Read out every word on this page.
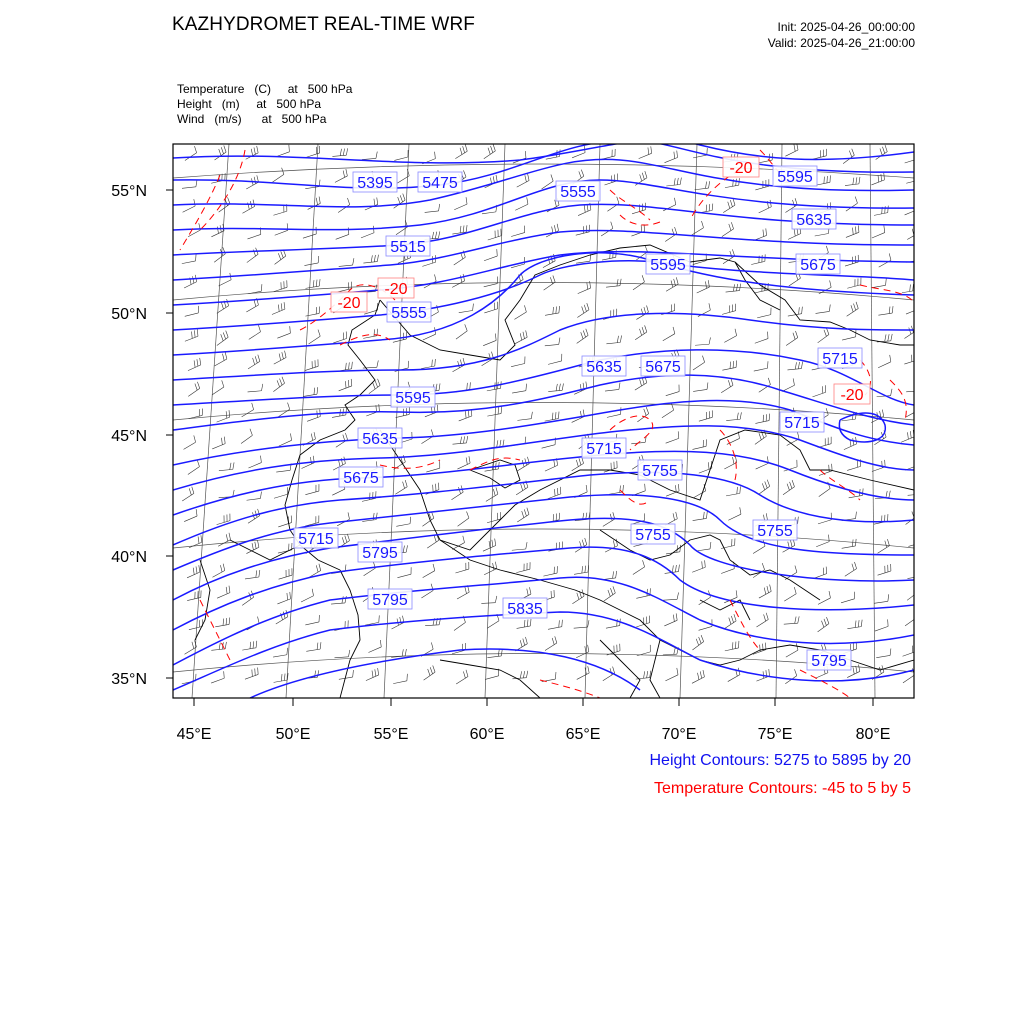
KAZHYDROMET REAL-TIME WRF	Init: 2025-04-26_00:00:00
Valid: 2025-04-26_21:00:00
Temperature   (C)     at   500 hPa
Height   (m)     at   500 hPa
Wind   (m/s)      at   500 hPa
5395 5475
5555
5595
5635
5515
5595	5675
5555
5635 5675	5715
5595
5635
5715
5715
5675	5755
5715	5755
5795
5755
5795
5835
5795
-20
-20
-20
-20
55°N
50°N
45°N
40°N
35°N
45°E	50°E	55°E	60°E	65°E	70°E	75°E	80°E
Height Contours: 5275 to 5895 by 20
Temperature Contours: -45 to 5 by 5
